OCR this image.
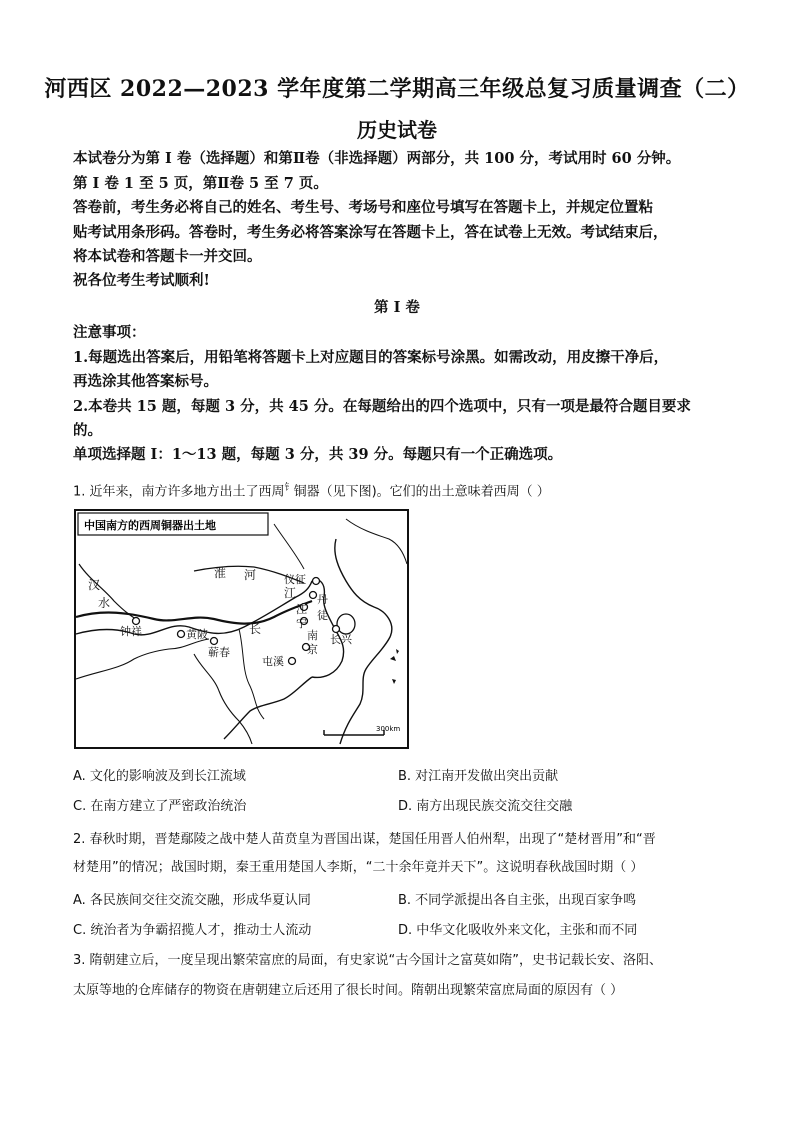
河西区 2022—2023 学年度第二学期高三年级总复习质量调查（二）
历史试卷

本试卷分为第 I 卷（选择题）和第Ⅱ卷（非选择题）两部分，共 100 分，考试用时 60 分钟。

第 I 卷 1 至 5 页，第Ⅱ卷 5 至 7 页。

答卷前，考生务必将自己的姓名、考生号、考场号和座位号填写在答题卡上，并规定位置粘

贴考试用条形码。答卷时，考生务必将答案涂写在答题卡上，答在试卷上无效。考试结束后，

将本试卷和答题卡一并交回。

祝各位考生考试顺利!

第 I 卷

注意事项：

1.每题选出答案后，用铅笔将答题卡上对应题目的答案标号涂黑。如需改动，用皮擦干净后，

再选涂其他答案标号。

2.本卷共 15 题，每题 3 分，共 45 分。在每题给出的四个选项中，只有一项是最符合题目要求

的。

单项选择题 I：1～13 题，每题 3 分，共 39 分。每题只有一个正确选项。

1. 近年来，南方许多地方出土了西周$^钅$铜器（见下图)。它们的出土意味着西周（ ）

中国南方的西周铜器出土地
汉
水
钟祥
淮 河	仪征
丹
徒
江
宁
南
京
长兴
黄陂
蕲春
长
江
屯溪
300km
A. 文化的影响波及到长江流域	B. 对江南开发做出突出贡献
C. 在南方建立了严密政治统治	D. 南方出现民族交流交往交融

2. 春秋时期，晋楚鄢陵之战中楚人苗贲皇为晋国出谋，楚国任用晋人伯州犁，出现了“楚材晋用”和“晋

材楚用”的情况；战国时期，秦王重用楚国人李斯，“二十余年竟并天下”。这说明春秋战国时期（ ）

A. 各民族间交往交流交融，形成华夏认同	B. 不同学派提出各自主张，出现百家争鸣
C. 统治者为争霸招揽人才，推动士人流动	D. 中华文化吸收外来文化，主张和而不同

3. 隋朝建立后，一度呈现出繁荣富庶的局面，有史家说“古今国计之富莫如隋”，史书记载长安、洛阳、

太原等地的仓库储存的物资在唐朝建立后还用了很长时间。隋朝出现繁荣富庶局面的原因有（ ）
